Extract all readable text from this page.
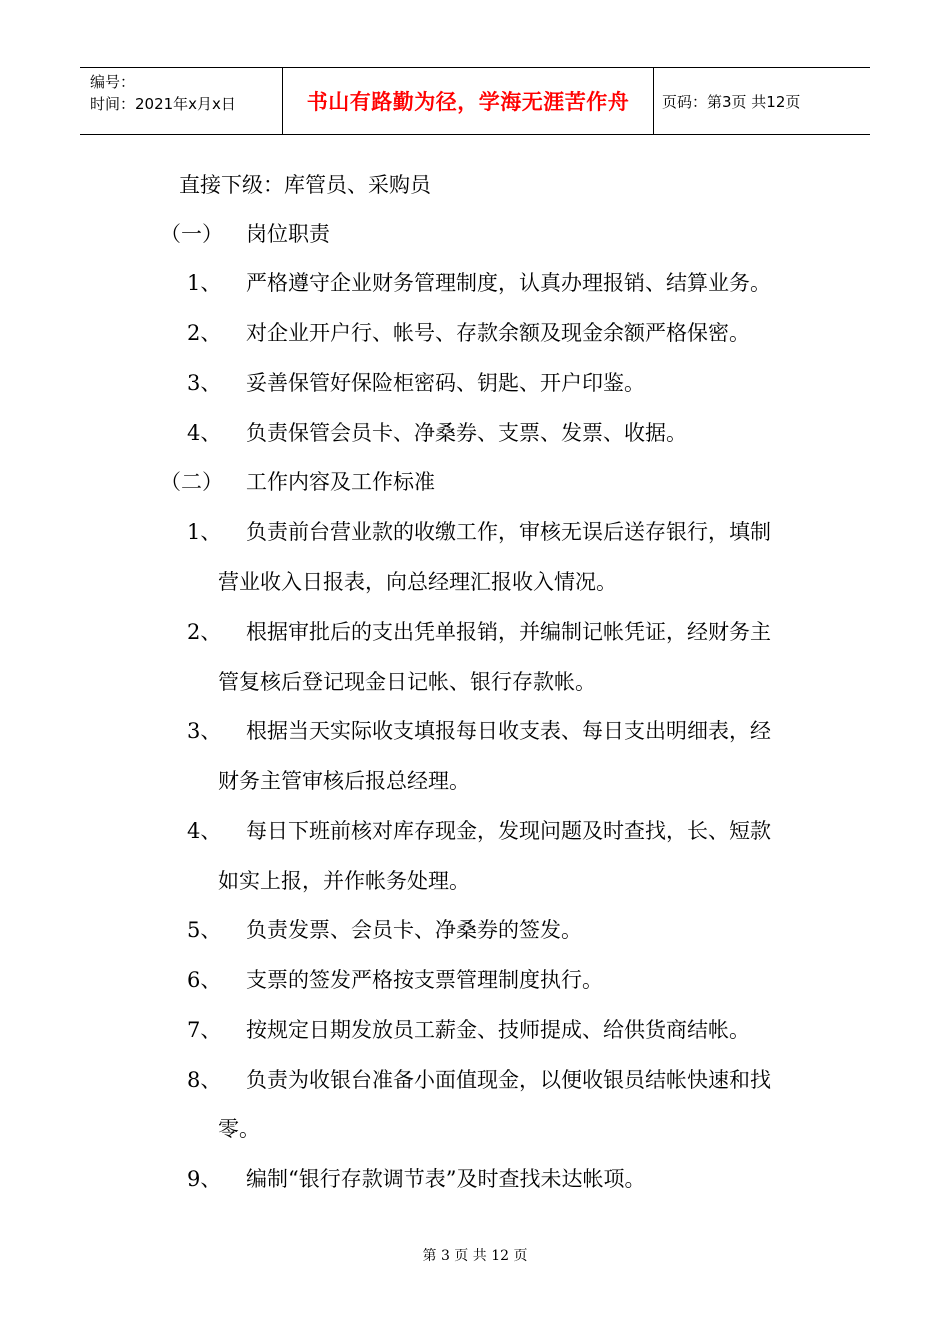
编号：
时间：2021年x月x日	书山有路勤为径，学海无涯苦作舟 页码：第3页 共12页
直接下级：库管员、采购员
（一） 岗位职责
1、 严格遵守企业财务管理制度，认真办理报销、结算业务。
2、 对企业开户行、帐号、存款余额及现金余额严格保密。
3、 妥善保管好保险柜密码、钥匙、开户印鉴。
4、 负责保管会员卡、净桑券、支票、发票、收据。
（二） 工作内容及工作标准
1、 负责前台营业款的收缴工作，审核无误后送存银行，填制
营业收入日报表，向总经理汇报收入情况。
2、 根据审批后的支出凭单报销，并编制记帐凭证，经财务主
管复核后登记现金日记帐、银行存款帐。
3、 根据当天实际收支填报每日收支表、每日支出明细表，经
财务主管审核后报总经理。
4、 每日下班前核对库存现金，发现问题及时查找，长、短款
如实上报，并作帐务处理。
5、 负责发票、会员卡、净桑券的签发。
6、 支票的签发严格按支票管理制度执行。
7、 按规定日期发放员工薪金、技师提成、给供货商结帐。
8、 负责为收银台准备小面值现金，以便收银员结帐快速和找
零。
9、 编制“银行存款调节表”及时查找未达帐项。
第 3 页 共 12 页
